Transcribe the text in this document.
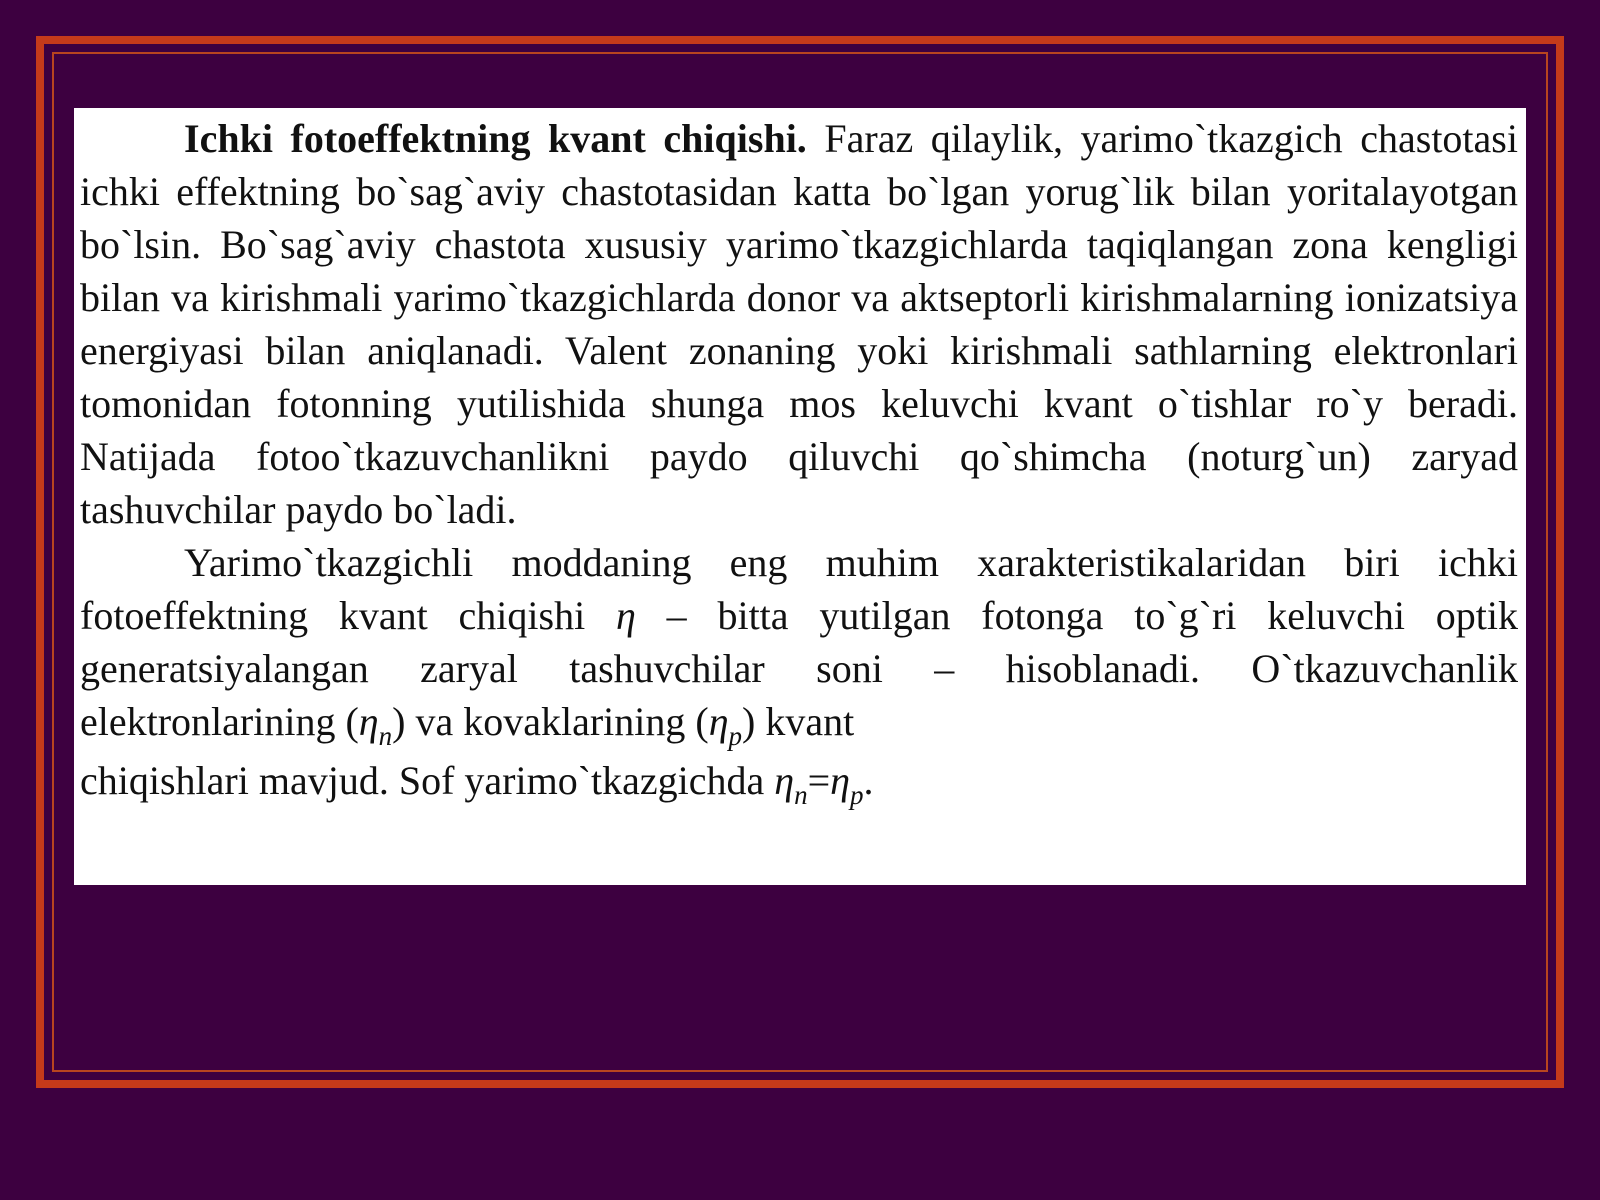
Ichki fotoeffektning kvant chiqishi. Faraz qilaylik, yarimo`tkazgich chastotasi ichki effektning bo`sag`aviy chastotasidan katta bo`lgan yorug`lik bilan yoritalayotgan bo`lsin. Bo`sag`aviy chastota xususiy yarimo`tkazgichlarda taqiqlangan zona kengligi bilan va kirishmali yarimo`tkazgichlarda donor va aktseptorli kirishmalarning ionizatsiya energiyasi bilan aniqlanadi. Valent zonaning yoki kirishmali sathlarning elektronlari tomonidan fotonning yutilishida shunga mos keluvchi kvant o`tishlar ro`y beradi. Natijada fotoo`tkazuvchanlikni paydo qiluvchi qo`shimcha (noturg`un) zaryad tashuvchilar paydo bo`ladi.

Yarimo`tkazgichli moddaning eng muhim xarakteristikalaridan biri ichki fotoeffektning kvant chiqishi η – bitta yutilgan fotonga to`g`ri keluvchi optik generatsiyalangan zaryal tashuvchilar soni – hisoblanadi. O`tkazuvchanlik elektronlarining $(\eta_n)$ va kovaklarining $(\eta_p)$ kvant
chiqishlari mavjud. Sof yarimo`tkazgichda $\eta_n=\eta_p$.
